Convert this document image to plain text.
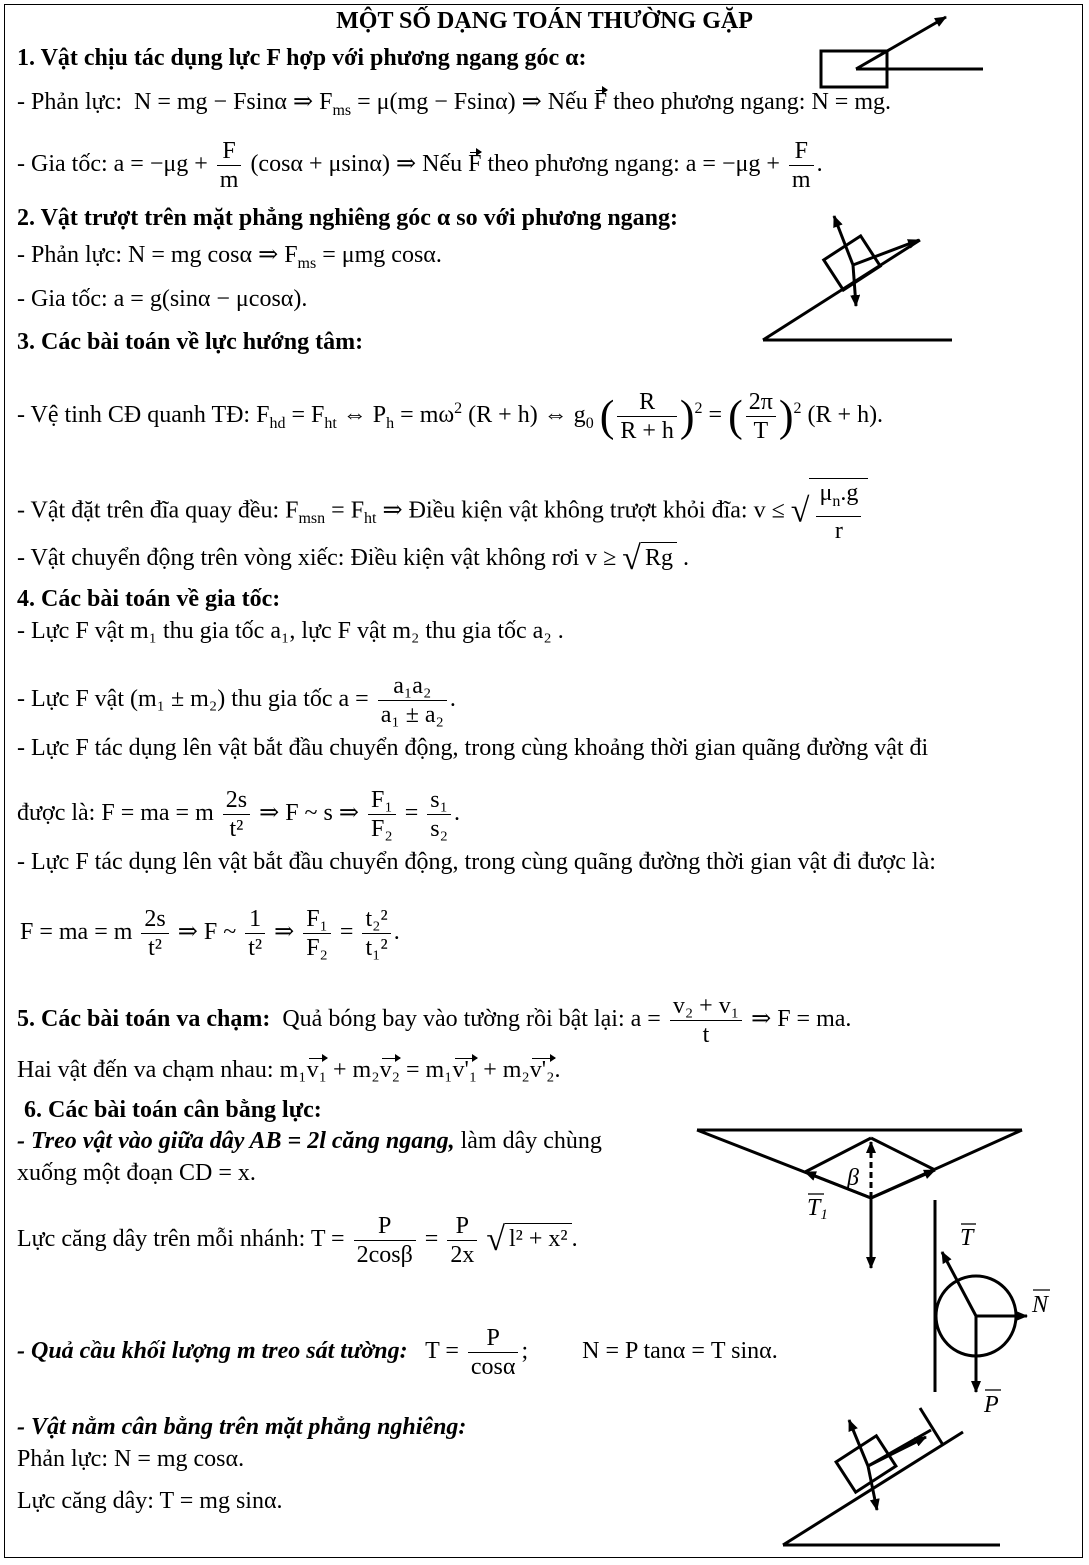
MỘT SỐ DẠNG TOÁN THƯỜNG GẶP
1. Vật chịu tác dụng lực F hợp với phương ngang góc α:
- Phản lực: N = mg − Fsinα ⇒ $F_{ms} = \mu(mg - Fsin\alpha)$ ⇒ Nếu F theo phương ngang: N = mg.
- Gia tốc: $a = -\mu g + \frac{F}{m} (\cos\alpha + \mu\sin\alpha)$ ⇒ Nếu F theo phương ngang: $a = -\mu g + \frac{F}{m}$ .
2. Vật trượt trên mặt phẳng nghiêng góc α so với phương ngang:
- Phản lực: N = mg cosα ⇒ $F_{ms} = \mu mg$ cosα.
- Gia tốc: a = g(sinα − μcosα).
3. Các bài toán về lực hướng tâm:
- Vệ tinh CĐ quanh TĐ: $F_{hd} = F_{ht}$ ⇔ $P_h = m\omega^2$ (R + h) ⇔ $g_0$ ( $\frac{R}{R + h} )^2$ = ( $\frac{2\pi}{T} )^2$ (R + h).
- Vật đặt trên đĩa quay đều: $F_{msn} = F_{ht}$ ⇒ Điều kiện vật không trượt khỏi đĩa: v ≤ √ $\frac{\mu_n.g}{r}$
- Vật chuyển động trên vòng xiếc: Điều kiện vật không rơi v ≥ √ Rg .
4. Các bài toán về gia tốc:
- Lực F vật m₁ thu gia tốc a₁, lực F vật m₂ thu gia tốc a₂ .
- Lực F vật (m₁ ± m₂) thu gia tốc $a = \frac{\text{a₁a₂}}{\text{a₁ ± a₂}}$ .
- Lực F tác dụng lên vật bắt đầu chuyển động, trong cùng khoảng thời gian quãng đường vật đi
được là: F = ma = m $\frac{2s}{\text{t²}}$ ⇒ F ~ s ⇒ $\frac{\text{F₁}}{\text{F₂}} = \frac{\text{s₁}}{\text{s₂}}$ .
- Lực F tác dụng lên vật bắt đầu chuyển động, trong cùng quãng đường thời gian vật đi được là:
F = ma = m $\frac{2s}{\text{t²}}$ ⇒ F ~ $\frac{1}{\text{t²}}$ ⇒ $\frac{\text{F₁}}{\text{F₂}} = \frac{\text{t₂²}}{\text{t₁²}}$ .
5. Các bài toán va chạm: Quả bóng bay vào tường rồi bật lại: $a = \frac{\text{v₂ + v₁}}{t}$ ⇒ F = ma.
Hai vật đến va chạm nhau: m₁v₁ + m₂v₂ = m₁v'₁ + m₂v'₂.
6. Các bài toán cân bằng lực:
- Treo vật vào giữa dây AB = 2l căng ngang, làm dây chùng
xuống một đoạn CD = x.
Lực căng dây trên mỗi nhánh: $T = \frac{P}{2\cos\beta} = \frac{P}{2x}$ √ l² + x² .
- Quả cầu khối lượng m treo sát tường: $T = \frac{P}{\cos\alpha}$ ; N = P tanα = T sinα.
- Vật nằm cân bằng trên mặt phẳng nghiêng:
Phản lực: N = mg cosα.
Lực căng dây: T = mg sinα.
β
T1
T
N
P
